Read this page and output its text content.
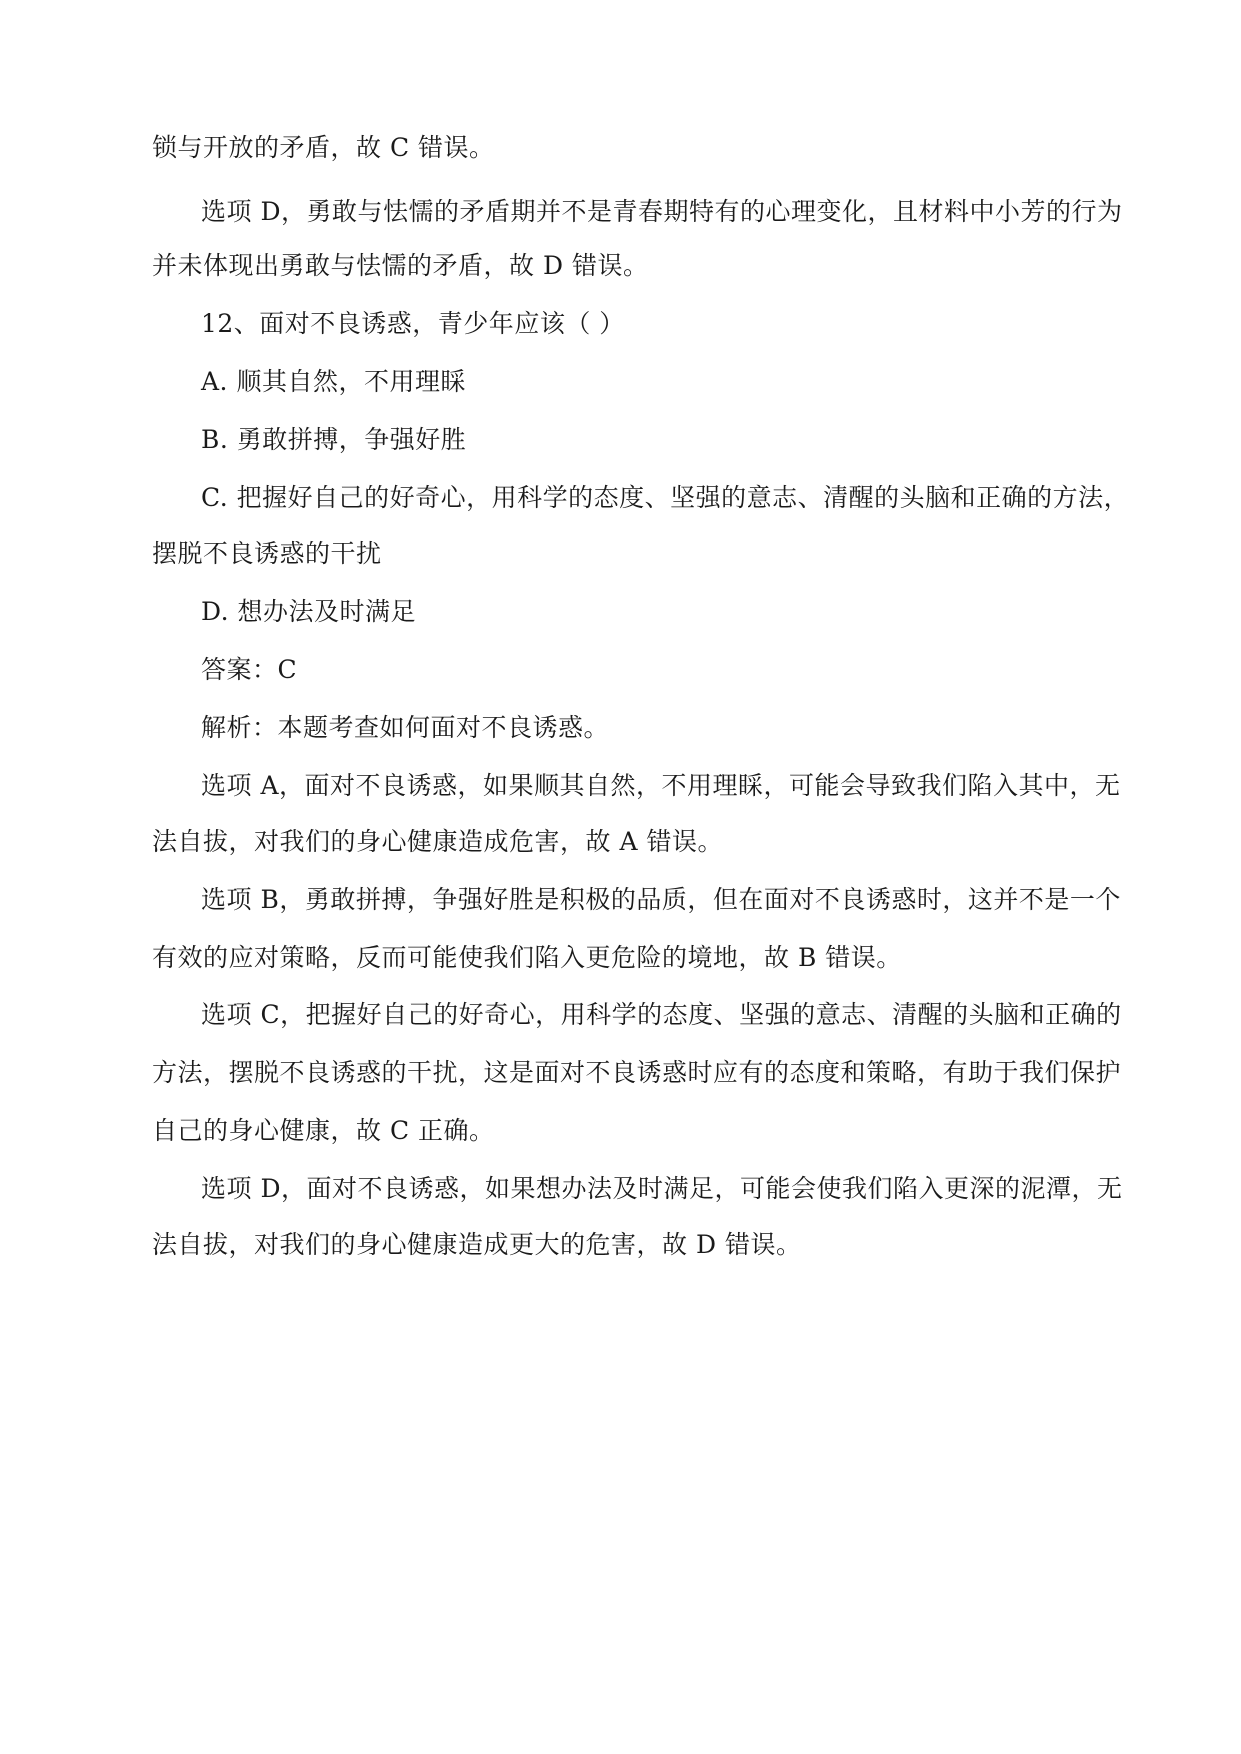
锁与开放的矛盾，故 C 错误。
选项 D，勇敢与怯懦的矛盾期并不是青春期特有的心理变化，且材料中小芳的行为
并未体现出勇敢与怯懦的矛盾，故 D 错误。
12、面对不良诱惑，青少年应该（ ）
A. 顺其自然，不用理睬
B. 勇敢拼搏，争强好胜
C. 把握好自己的好奇心，用科学的态度、坚强的意志、清醒的头脑和正确的方法，
摆脱不良诱惑的干扰
D. 想办法及时满足
答案：C
解析：本题考查如何面对不良诱惑。
选项 A，面对不良诱惑，如果顺其自然，不用理睬，可能会导致我们陷入其中，无
法自拔，对我们的身心健康造成危害，故 A 错误。
选项 B，勇敢拼搏，争强好胜是积极的品质，但在面对不良诱惑时，这并不是一个
有效的应对策略，反而可能使我们陷入更危险的境地，故 B 错误。
选项 C，把握好自己的好奇心，用科学的态度、坚强的意志、清醒的头脑和正确的
方法，摆脱不良诱惑的干扰，这是面对不良诱惑时应有的态度和策略，有助于我们保护
自己的身心健康，故 C 正确。
选项 D，面对不良诱惑，如果想办法及时满足，可能会使我们陷入更深的泥潭，无
法自拔，对我们的身心健康造成更大的危害，故 D 错误。
